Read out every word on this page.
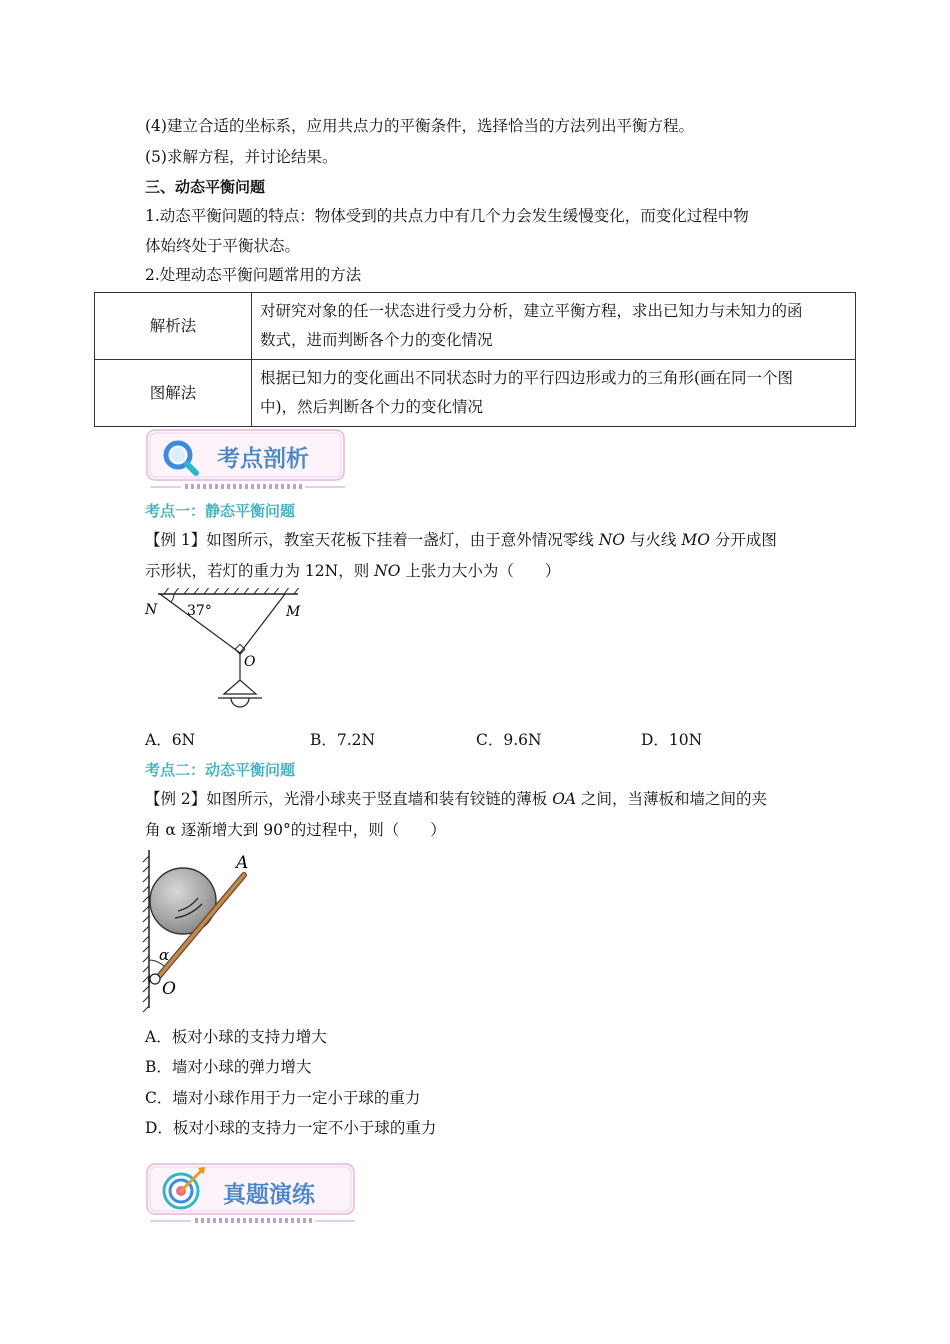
(4)建立合适的坐标系，应用共点力的平衡条件，选择恰当的方法列出平衡方程。
(5)求解方程，并讨论结果。
三、动态平衡问题
1.动态平衡问题的特点：物体受到的共点力中有几个力会发生缓慢变化，而变化过程中物
体始终处于平衡状态。
2.处理动态平衡问题常用的方法
解析法	对研究对象的任一状态进行受力分析，建立平衡方程，求出已知力与未知力的函
数式，进而判断各个力的变化情况

图解法	根据已知力的变化画出不同状态时力的平行四边形或力的三角形(画在同一个图
中)，然后判断各个力的变化情况
考点剖析
考点一：静态平衡问题
【例 1】如图所示，教室天花板下挂着一盏灯，由于意外情况零线 NO 与火线 MO 分开成图
示形状，若灯的重力为 12N，则 NO 上张力大小为（　　）
N 37°	M
O
A．6N	B．7.2N	C．9.6N	D．10N
考点二：动态平衡问题
【例 2】如图所示，光滑小球夹于竖直墙和装有铰链的薄板 OA 之间，当薄板和墙之间的夹
角 α 逐渐增大到 90°的过程中，则（　　）
A
α
O
A．板对小球的支持力增大
B．墙对小球的弹力增大
C．墙对小球作用于力一定小于球的重力
D．板对小球的支持力一定不小于球的重力
真题演练
